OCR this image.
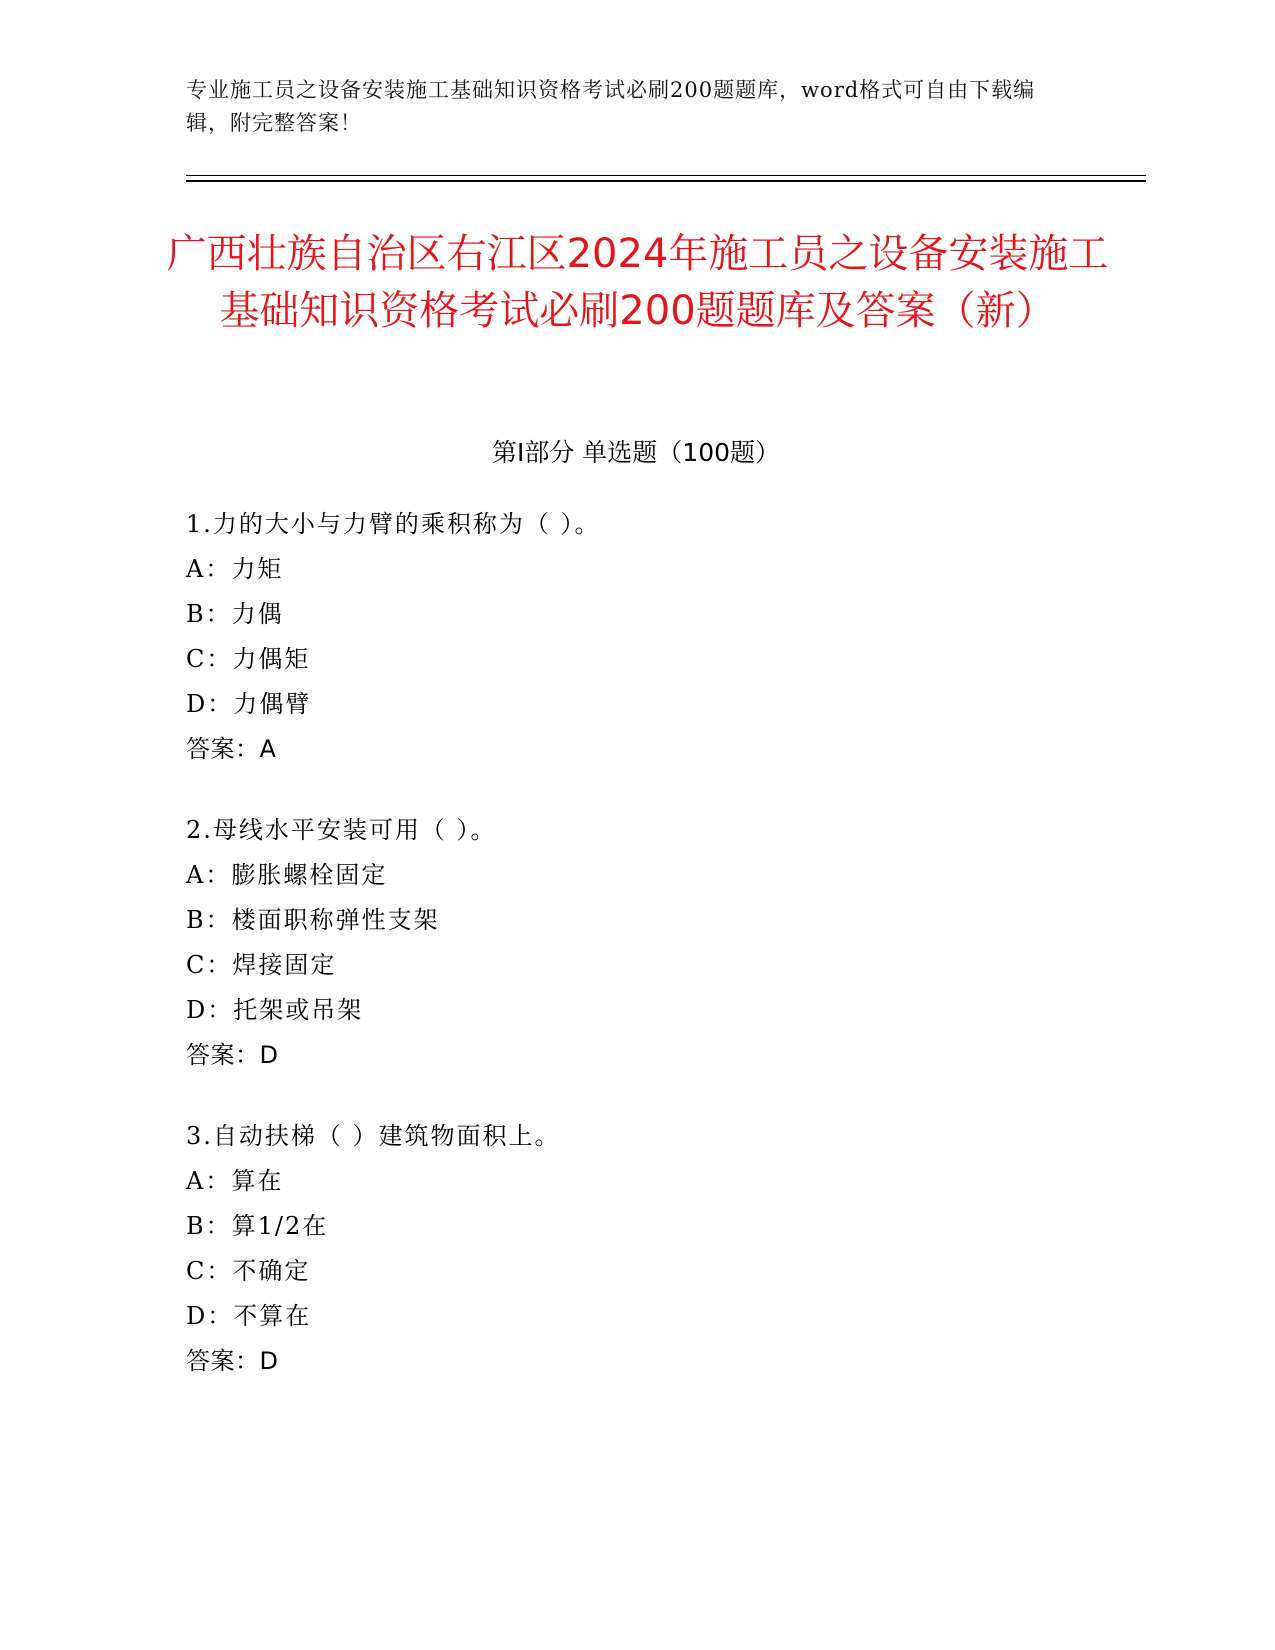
专业施工员之设备安装施工基础知识资格考试必刷200题题库，word格式可自由下载编辑，附完整答案！
广西壮族自治区右江区2024年施工员之设备安装施工基础知识资格考试必刷200题题库及答案（新）
第Ⅰ部分 单选题（100题）
1.力的大小与力臂的乘积称为（ ）。
A：力矩
B：力偶
C：力偶矩
D：力偶臂
答案：A
2.母线水平安装可用（ ）。
A：膨胀螺栓固定
B：楼面职称弹性支架
C：焊接固定
D：托架或吊架
答案：D
3.自动扶梯（ ）建筑物面积上。
A：算在
B：算1/2在
C：不确定
D：不算在
答案：D
